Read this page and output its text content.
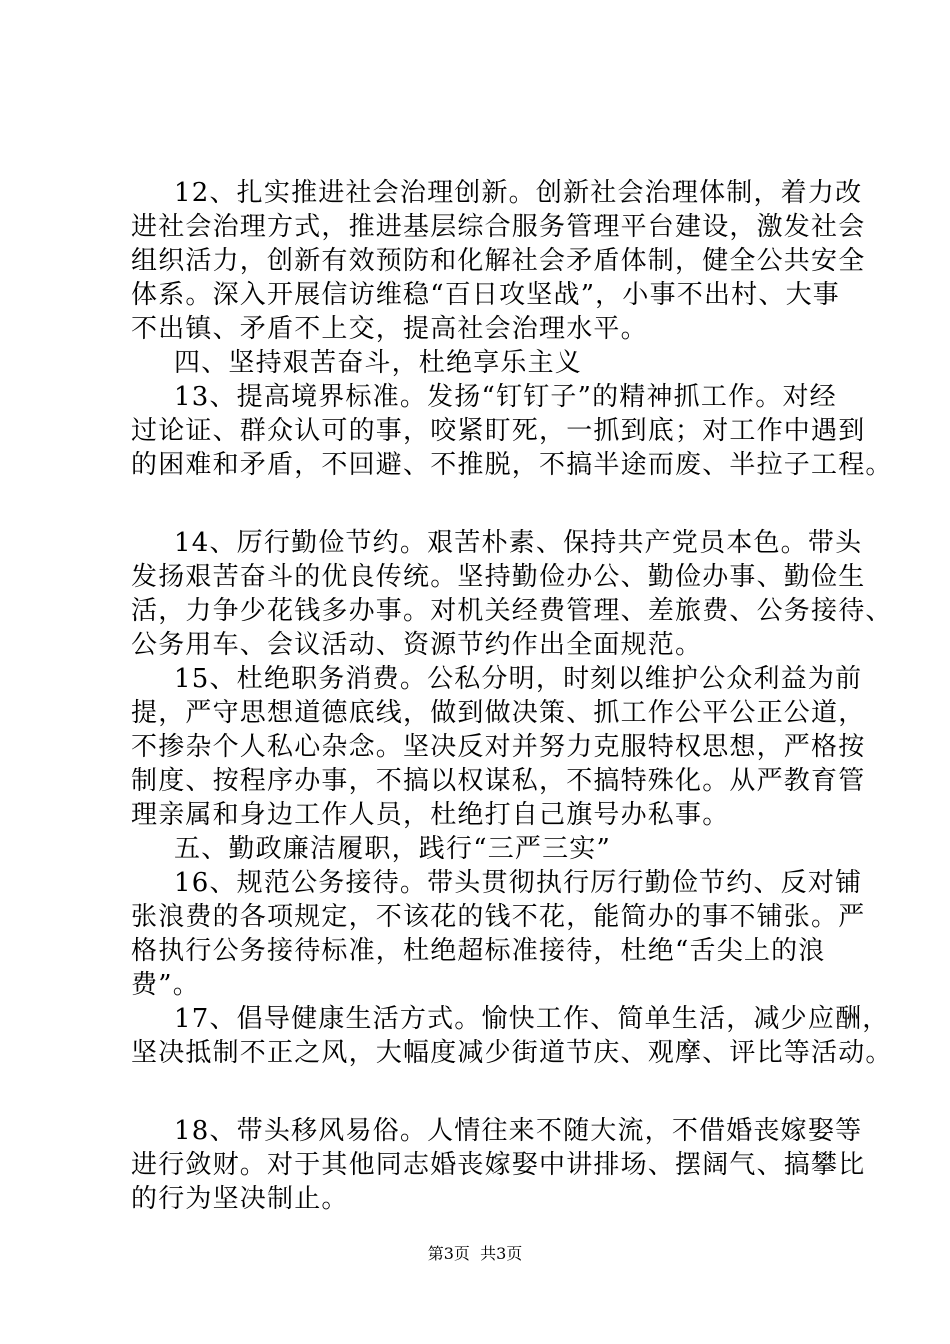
12、扎实推进社会治理创新。创新社会治理体制，着力改
进社会治理方式，推进基层综合服务管理平台建设，激发社会
组织活力，创新有效预防和化解社会矛盾体制，健全公共安全
体系。深入开展信访维稳“百日攻坚战”，小事不出村、大事
不出镇、矛盾不上交，提高社会治理水平。
四、坚持艰苦奋斗，杜绝享乐主义
13、提高境界标准。发扬“钉钉子”的精神抓工作。对经
过论证、群众认可的事，咬紧盯死，一抓到底；对工作中遇到
的困难和矛盾，不回避、不推脱，不搞半途而废、半拉子工程。
14、厉行勤俭节约。艰苦朴素、保持共产党员本色。带头
发扬艰苦奋斗的优良传统。坚持勤俭办公、勤俭办事、勤俭生
活，力争少花钱多办事。对机关经费管理、差旅费、公务接待、
公务用车、会议活动、资源节约作出全面规范。
15、杜绝职务消费。公私分明，时刻以维护公众利益为前
提，严守思想道德底线，做到做决策、抓工作公平公正公道，
不掺杂个人私心杂念。坚决反对并努力克服特权思想，严格按
制度、按程序办事，不搞以权谋私，不搞特殊化。从严教育管
理亲属和身边工作人员，杜绝打自己旗号办私事。
五、勤政廉洁履职，践行“三严三实”
16、规范公务接待。带头贯彻执行厉行勤俭节约、反对铺
张浪费的各项规定，不该花的钱不花，能简办的事不铺张。严
格执行公务接待标准，杜绝超标准接待，杜绝“舌尖上的浪
费”。
17、倡导健康生活方式。愉快工作、简单生活，减少应酬，
坚决抵制不正之风，大幅度减少街道节庆、观摩、评比等活动。
18、带头移风易俗。人情往来不随大流，不借婚丧嫁娶等
进行敛财。对于其他同志婚丧嫁娶中讲排场、摆阔气、搞攀比
的行为坚决制止。
第3页  共3页
